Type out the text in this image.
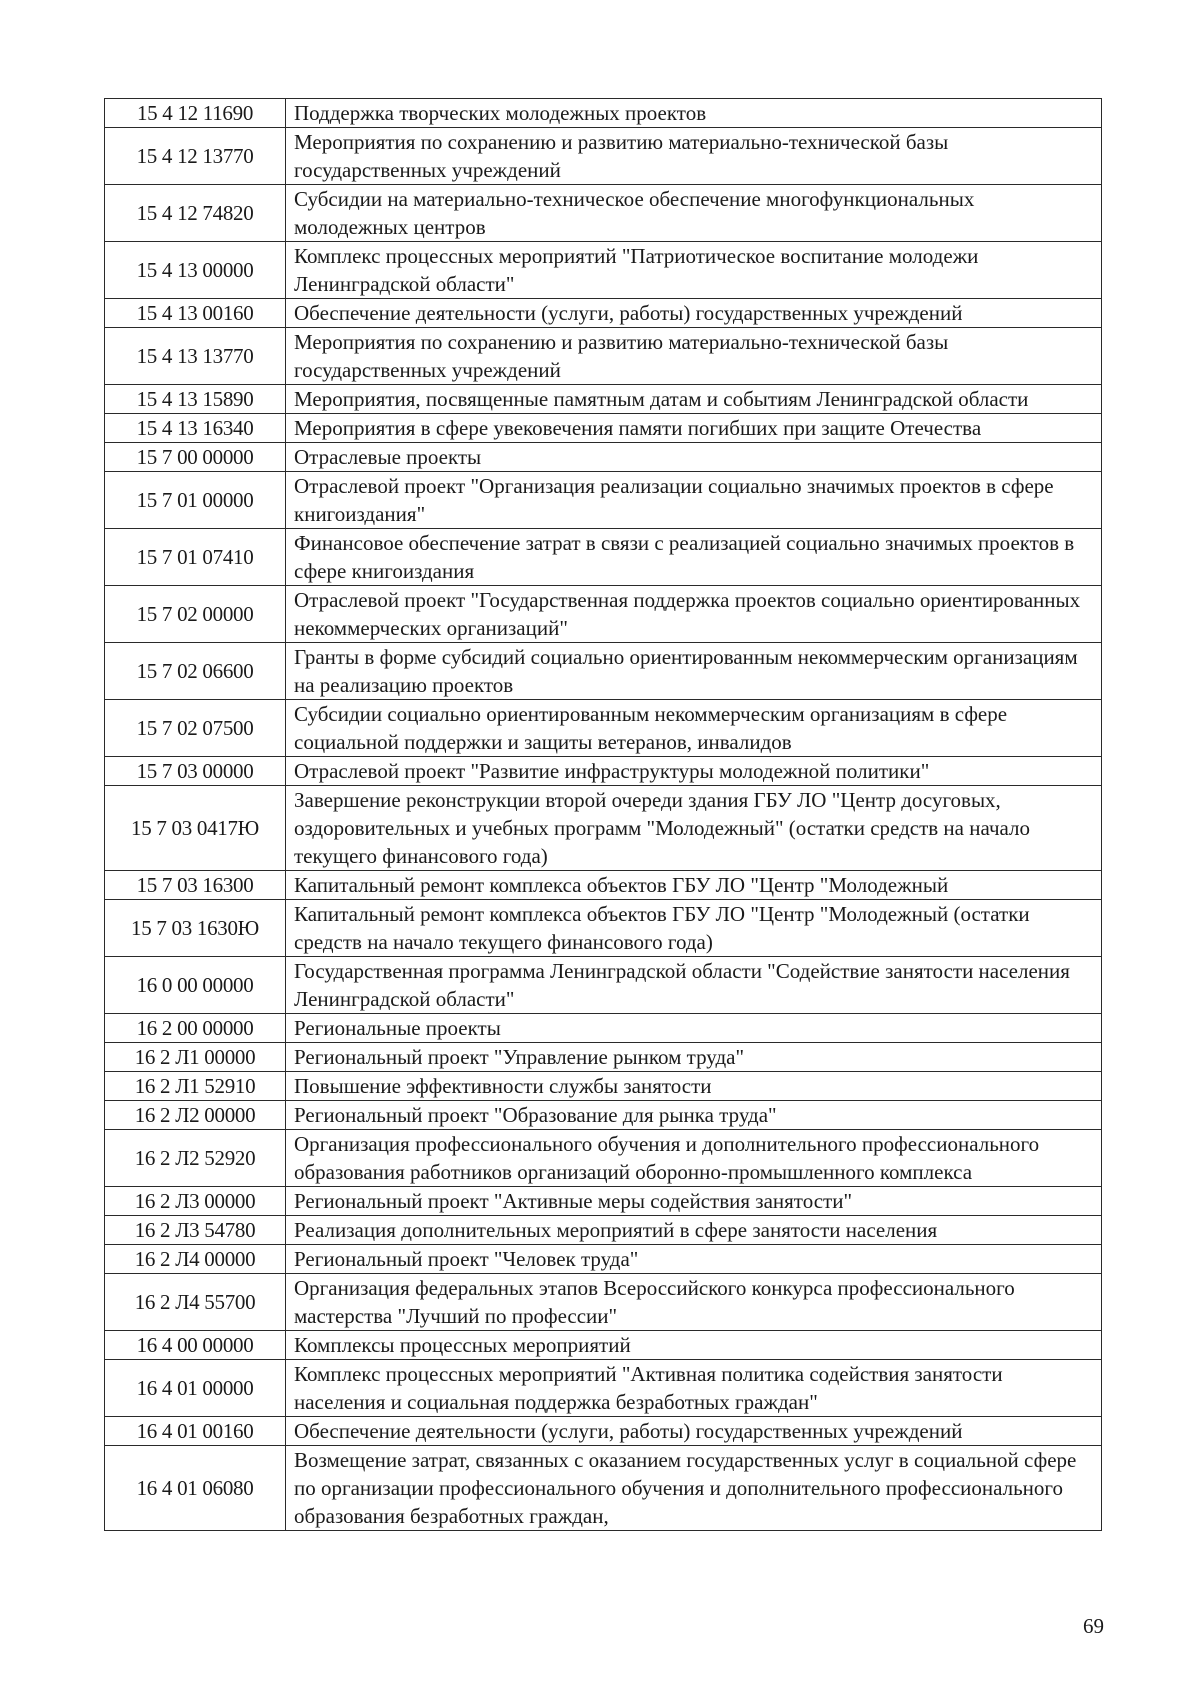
15 4 12 11690	Поддержка творческих молодежных проектов
15 4 12 13770	Мероприятия по сохранению и развитию материально-технической базы государственных учреждений
15 4 12 74820	Субсидии на материально-техническое обеспечение многофункциональных молодежных центров
15 4 13 00000	Комплекс процессных мероприятий "Патриотическое воспитание молодежи Ленинградской области"
15 4 13 00160	Обеспечение деятельности (услуги, работы) государственных учреждений
15 4 13 13770	Мероприятия по сохранению и развитию материально-технической базы государственных учреждений
15 4 13 15890	Мероприятия, посвященные памятным датам и событиям Ленинградской области
15 4 13 16340	Мероприятия в сфере увековечения памяти погибших при защите Отечества
15 7 00 00000	Отраслевые проекты
15 7 01 00000	Отраслевой проект "Организация реализации социально значимых проектов в сфере книгоиздания"
15 7 01 07410	Финансовое обеспечение затрат в связи с реализацией социально значимых проектов в сфере книгоиздания
15 7 02 00000	Отраслевой проект "Государственная поддержка проектов социально ориентированных некоммерческих организаций"
15 7 02 06600	Гранты в форме субсидий социально ориентированным некоммерческим организациям на реализацию проектов
15 7 02 07500	Субсидии социально ориентированным некоммерческим организациям в сфере социальной поддержки и защиты ветеранов, инвалидов
15 7 03 00000	Отраслевой проект "Развитие инфраструктуры молодежной политики"
15 7 03 0417Ю	Завершение реконструкции второй очереди здания ГБУ ЛО "Центр досуговых, оздоровительных и учебных программ "Молодежный" (остатки средств на начало текущего финансового года)
15 7 03 16300	Капитальный ремонт комплекса объектов ГБУ ЛО "Центр "Молодежный
15 7 03 1630Ю	Капитальный ремонт комплекса объектов ГБУ ЛО "Центр "Молодежный (остатки средств на начало текущего финансового года)
16 0 00 00000	Государственная программа Ленинградской области "Содействие занятости населения Ленинградской области"
16 2 00 00000	Региональные проекты
16 2 Л1 00000	Региональный проект "Управление рынком труда"
16 2 Л1 52910	Повышение эффективности службы занятости
16 2 Л2 00000	Региональный проект "Образование для рынка труда"
16 2 Л2 52920	Организация профессионального обучения и дополнительного профессионального образования работников организаций оборонно-промышленного комплекса
16 2 Л3 00000	Региональный проект "Активные меры содействия занятости"
16 2 Л3 54780	Реализация дополнительных мероприятий в сфере занятости населения
16 2 Л4 00000	Региональный проект "Человек труда"
16 2 Л4 55700	Организация федеральных этапов Всероссийского конкурса профессионального мастерства "Лучший по профессии"
16 4 00 00000	Комплексы процессных мероприятий
16 4 01 00000	Комплекс процессных мероприятий "Активная политика содействия занятости населения и социальная поддержка безработных граждан"
16 4 01 00160	Обеспечение деятельности (услуги, работы) государственных учреждений
16 4 01 06080	Возмещение затрат, связанных с оказанием государственных услуг в социальной сфере по организации профессионального обучения и дополнительного профессионального образования безработных граждан,
69
